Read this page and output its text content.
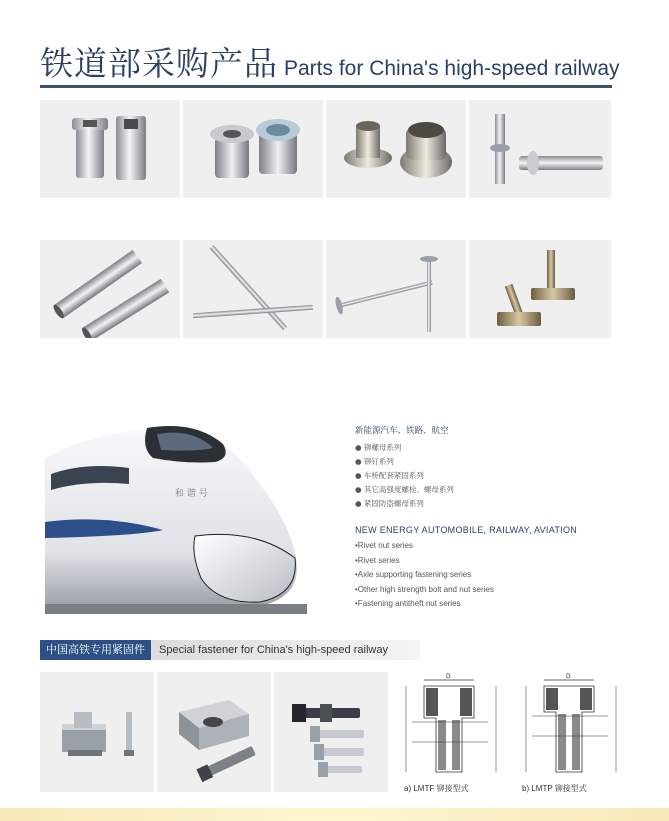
铁道部采购产品 Parts for China's high-speed railway
和 谐 号
新能源汽车、铁路、航空
● 铆螺母系列
● 铆钉系列
● 车桥配套紧固系列
● 其它高强度螺栓、螺母系列
● 紧固防盗螺母系列
NEW ENERGY AUTOMOBILE, RAILWAY, AVIATION
•Rivet nut series
•Rivet series
•Axle supporting fastening series
•Other high strength bolt and nut series
•Fastening antitheft nut series
中国高铁专用紧固件	Special fastener for China's high-speed railway
D
a) LMTF 铆接型式
D
b) LMTP 铆接型式
